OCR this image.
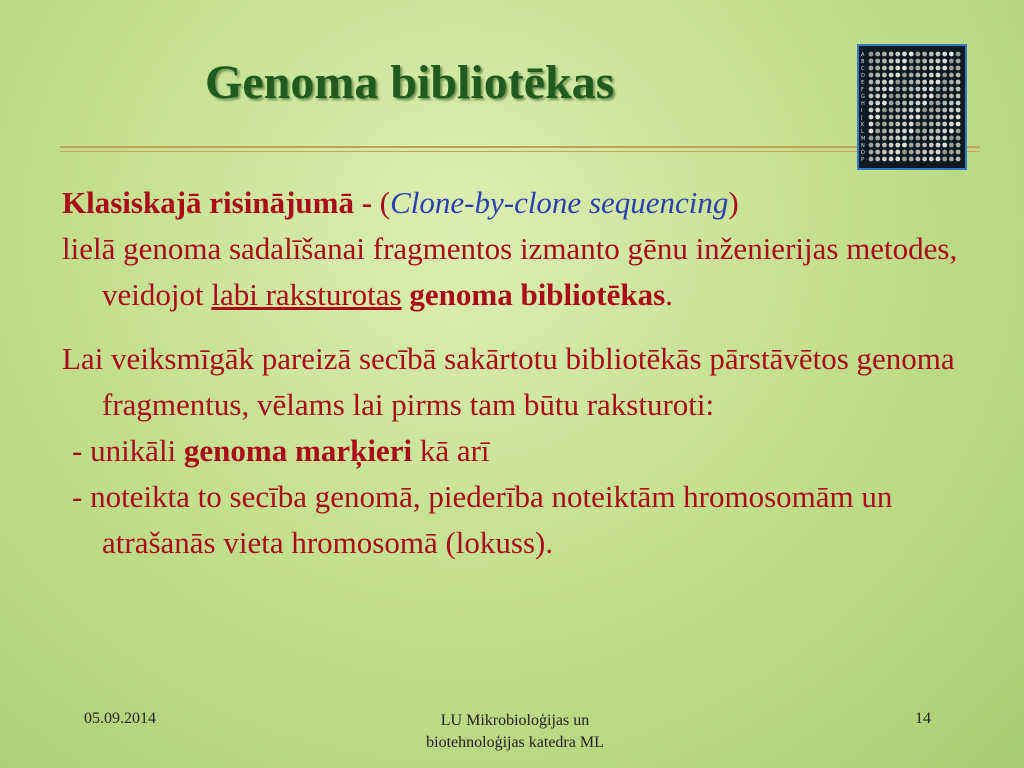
Genoma bibliotēkas
A
B
C
D
E
F
G
H
I
J
K
L
M
N
O
P

Klasiskajā risinājumā - (Clone-by-clone sequencing)

lielā genoma sadalīšanai fragmentos izmanto gēnu inženierijas metodes, veidojot labi raksturotas genoma bibliotēkas.

Lai veiksmīgāk pareizā secībā sakārtotu bibliotēkās pārstāvētos genoma fragmentus, vēlams lai pirms tam būtu raksturoti:

- unikāli genoma marķieri kā arī

- noteikta to secība genomā, piederība noteiktām hromosomām un atrašanās vieta hromosomā (lokuss).

05.09.2014	LU Mikrobioloģijas un
biotehnoloģijas katedra ML
14
